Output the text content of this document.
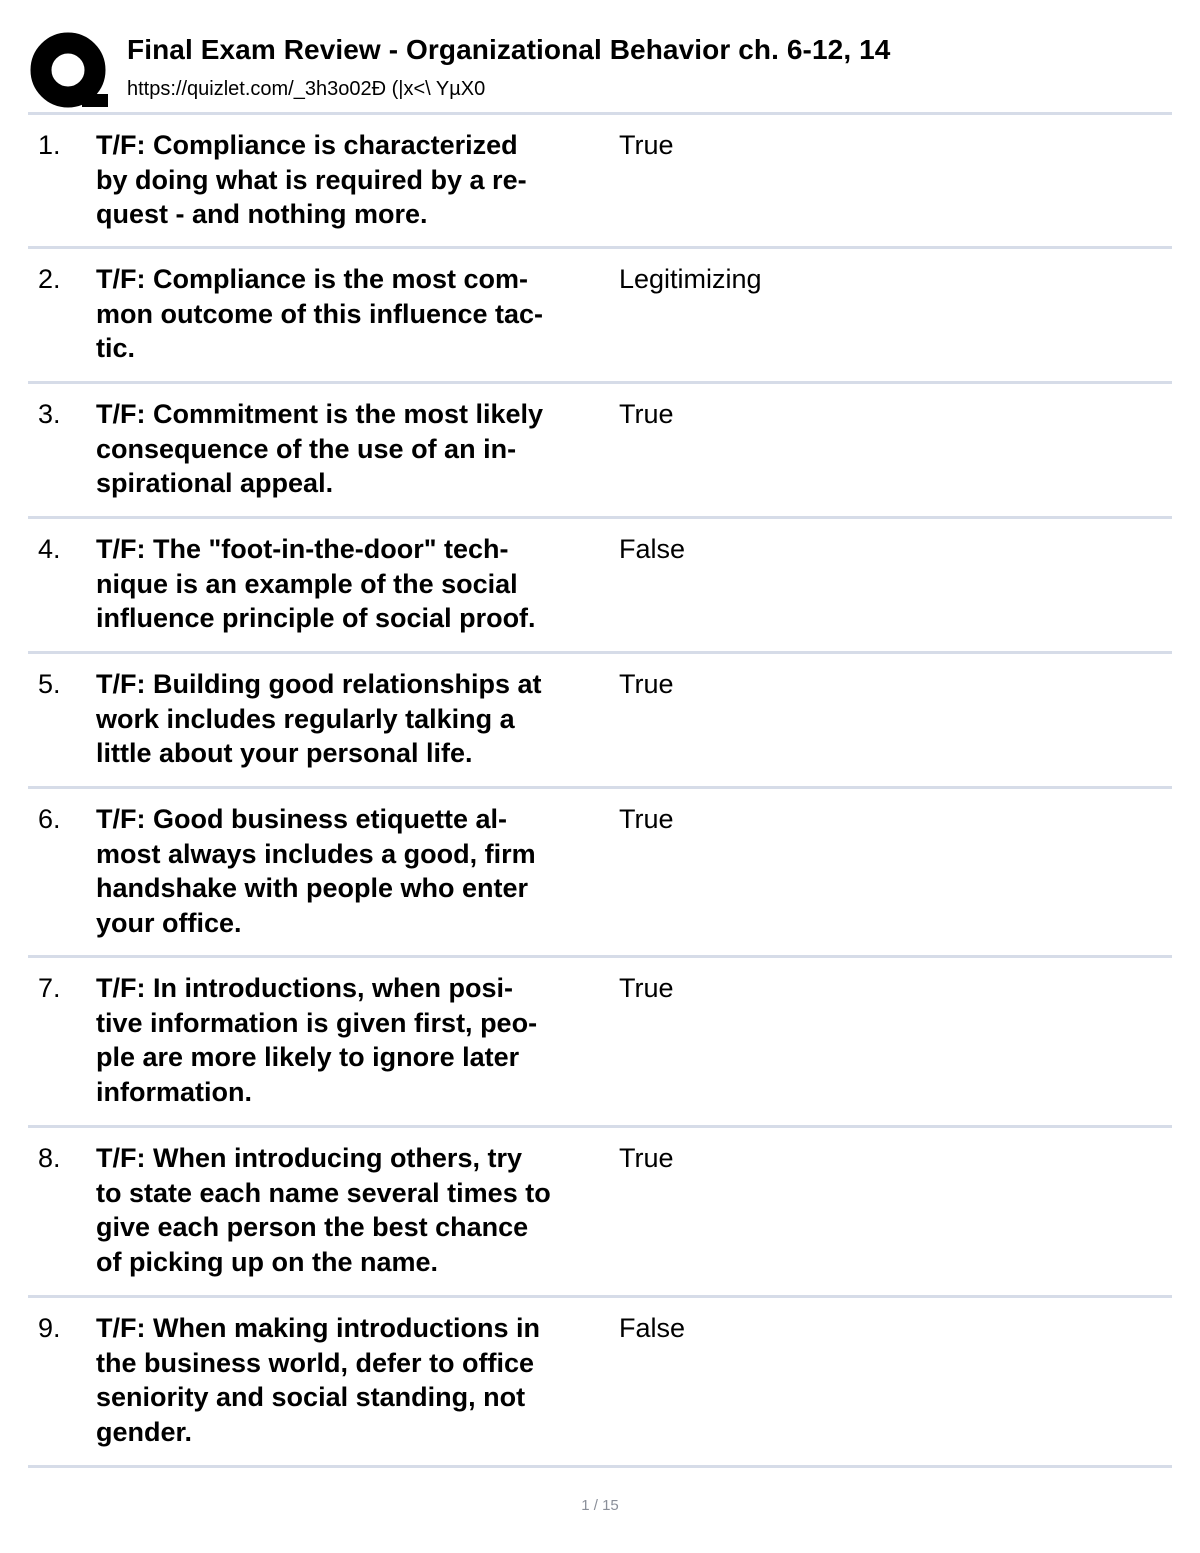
Final Exam Review - Organizational Behavior ch. 6-12, 14
https://quizlet.com/_3h3o02Ð (|x<\ YµX0
1. T/F: Compliance is characterized
by doing what is required by a re-
quest - and nothing more.
True
2. T/F: Compliance is the most com-
mon outcome of this influence tac-
tic.
Legitimizing
3. T/F: Commitment is the most likely
consequence of the use of an in-
spirational appeal.
True
4. T/F: The "foot-in-the-door" tech-
nique is an example of the social
influence principle of social proof.
False
5. T/F: Building good relationships at
work includes regularly talking a
little about your personal life.
True
6. T/F: Good business etiquette al-
most always includes a good, firm
handshake with people who enter
your office.
True
7. T/F: In introductions, when posi-
tive information is given first, peo-
ple are more likely to ignore later
information.
True
8. T/F: When introducing others, try
to state each name several times to
give each person the best chance
of picking up on the name.
True
9. T/F: When making introductions in
the business world, defer to office
seniority and social standing, not
gender.
False
1 / 15
